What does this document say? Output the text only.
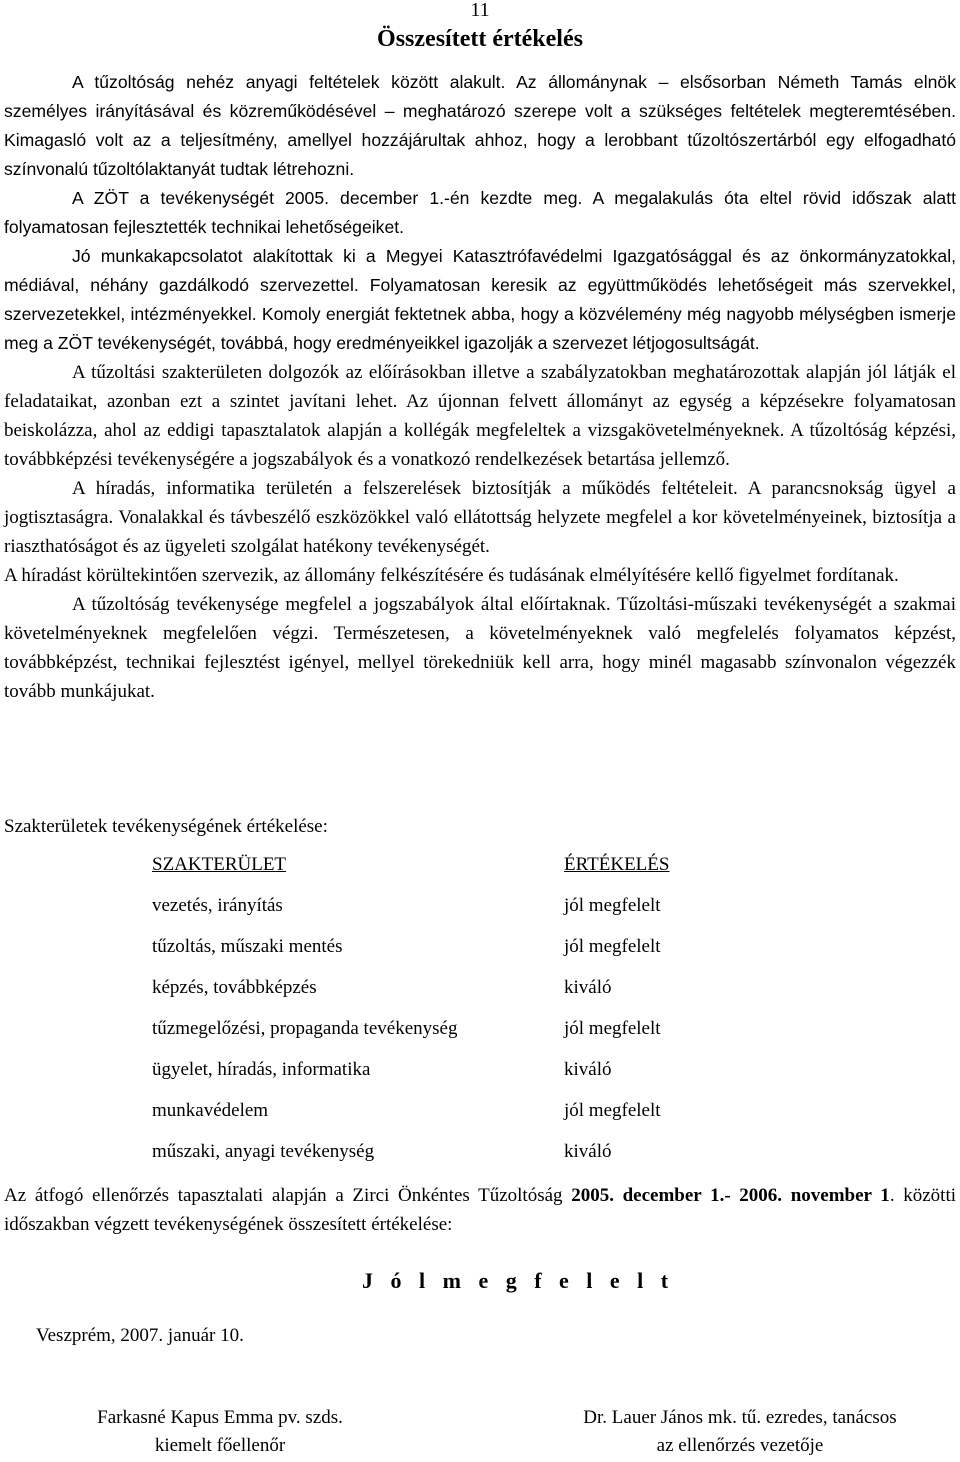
11
Összesített értékelés

A tűzoltóság nehéz anyagi feltételek között alakult. Az állománynak – elsősorban Németh Tamás elnök személyes irányításával és közreműködésével – meghatározó szerepe volt a szükséges feltételek megteremtésében. Kimagasló volt az a teljesítmény, amellyel hozzájárultak ahhoz, hogy a lerobbant tűzoltószertárból egy elfogadható színvonalú tűzoltólaktanyát tudtak létrehozni.

A ZÖT a tevékenységét 2005. december 1.-én kezdte meg. A megalakulás óta eltel rövid időszak alatt folyamatosan fejlesztették technikai lehetőségeiket.

Jó munkakapcsolatot alakítottak ki a Megyei Katasztrófavédelmi Igazgatósággal és az önkormányzatokkal, médiával, néhány gazdálkodó szervezettel. Folyamatosan keresik az együttműködés lehetőségeit más szervekkel, szervezetekkel, intézményekkel. Komoly energiát fektetnek abba, hogy a közvélemény még nagyobb mélységben ismerje meg a ZÖT tevékenységét, továbbá, hogy eredményeikkel igazolják a szervezet létjogosultságát.

A tűzoltási szakterületen dolgozók az előírásokban illetve a szabályzatokban meghatározottak alapján jól látják el feladataikat, azonban ezt a szintet javítani lehet. Az újonnan felvett állományt az egység a képzésekre folyamatosan beiskolázza, ahol az eddigi tapasztalatok alapján a kollégák megfeleltek a vizsgakövetelményeknek. A tűzoltóság képzési, továbbképzési tevékenységére a jogszabályok és a vonatkozó rendelkezések betartása jellemző.

A híradás, informatika területén a felszerelések biztosítják a működés feltételeit. A parancsnokság ügyel a jogtisztaságra. Vonalakkal és távbeszélő eszközökkel való ellátottság helyzete megfelel a kor követelményeinek, biztosítja a riaszthatóságot és az ügyeleti szolgálat hatékony tevékenységét.

A híradást körültekintően szervezik, az állomány felkészítésére és tudásának elmélyítésére kellő figyelmet fordítanak.

A tűzoltóság tevékenysége megfelel a jogszabályok által előírtaknak. Tűzoltási-műszaki tevékenységét a szakmai követelményeknek megfelelően végzi. Természetesen, a követelményeknek való megfelelés folyamatos képzést, továbbképzést, technikai fejlesztést igényel, mellyel törekedniük kell arra, hogy minél magasabb színvonalon végezzék tovább munkájukat.

Szakterületek tevékenységének értékelése:
SZAKTERÜLET	ÉRTÉKELÉS
vezetés, irányítás	jól megfelelt
tűzoltás, műszaki mentés	jól megfelelt
képzés, továbbképzés	kiváló
tűzmegelőzési, propaganda tevékenység	jól megfelelt
ügyelet, híradás, informatika	kiváló
munkavédelem	jól megfelelt
műszaki, anyagi tevékenység	kiváló
Az átfogó ellenőrzés tapasztalati alapján a Zirci Önkéntes Tűzoltóság 2005. december 1.- 2006. november 1. közötti időszakban végzett tevékenységének összesített értékelése:
J ó l m e g f e l e l t
Veszprém, 2007. január 10.
Farkasné Kapus Emma pv. szds.
kiemelt főellenőr
Dr. Lauer János mk. tű. ezredes, tanácsos
az ellenőrzés vezetője
